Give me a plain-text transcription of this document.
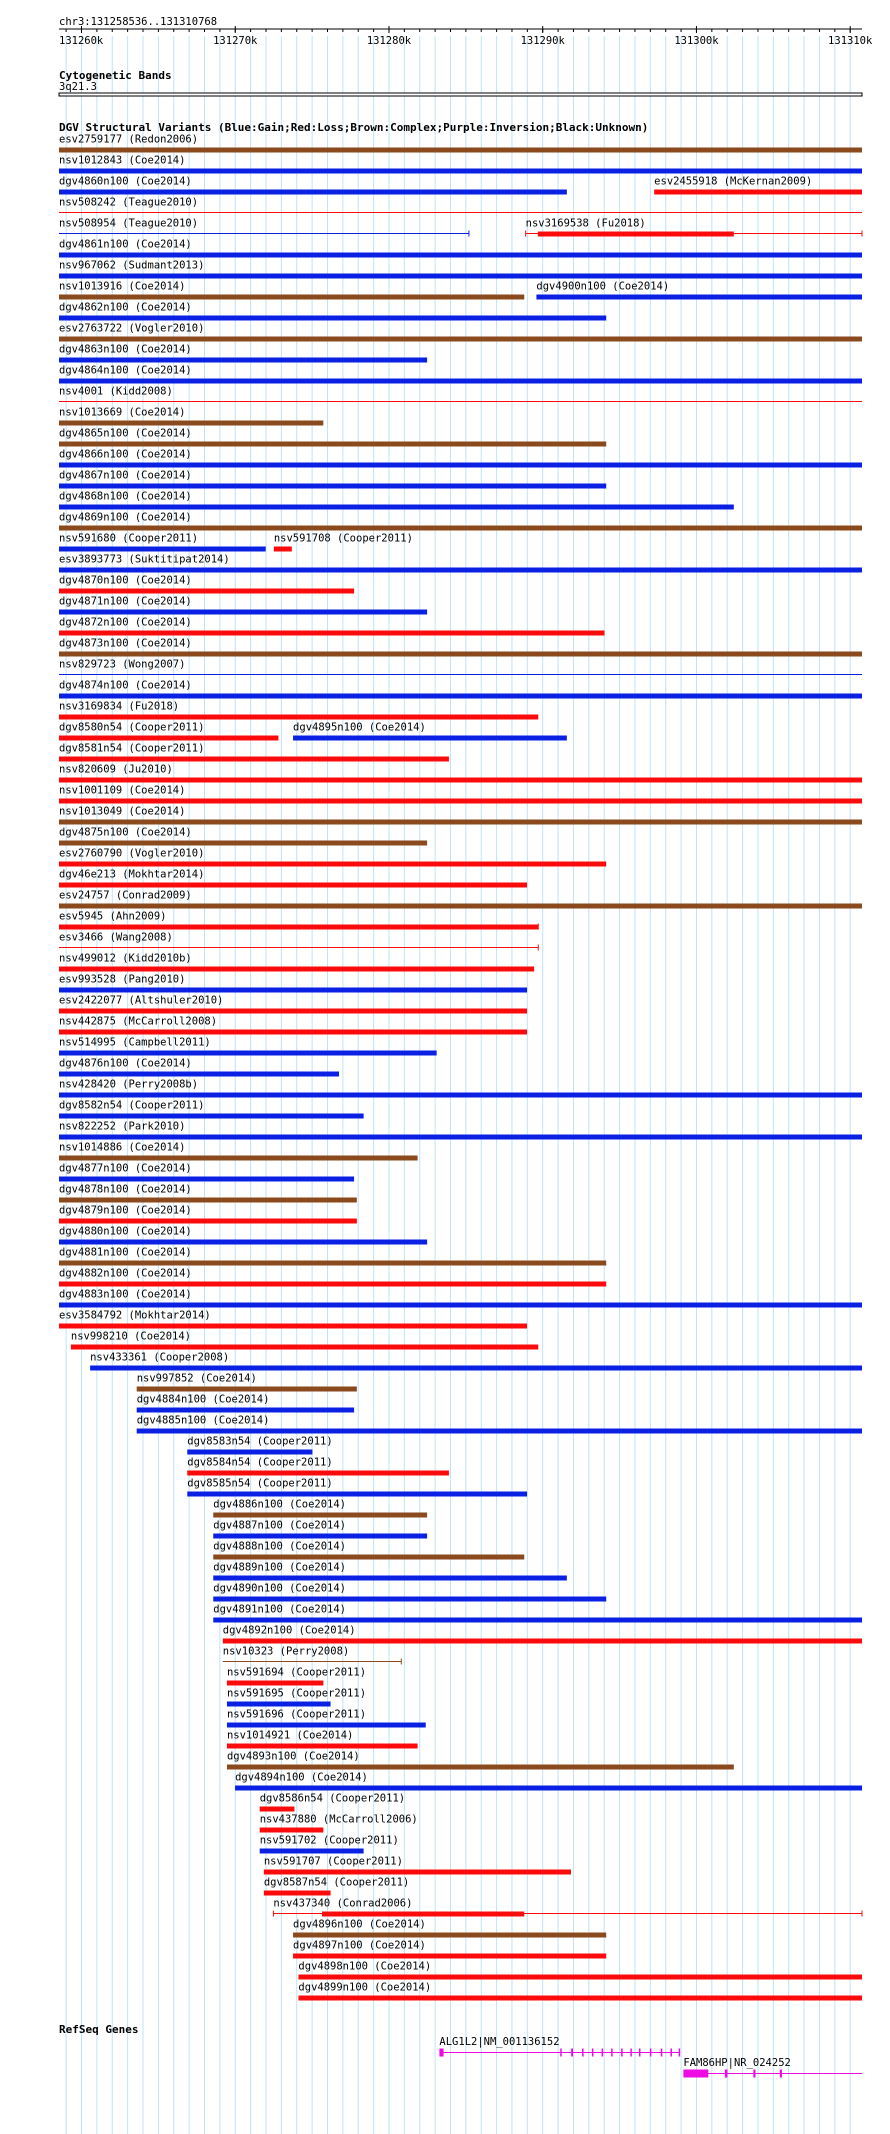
chr3:131258536..131310768
131260k	131270k	131280k	131290k	131300k	131310k
Cytogenetic Bands
3q21.3
DGV Structural Variants (Blue:Gain;Red:Loss;Brown:Complex;Purple:Inversion;Black:Unknown)
esv2759177 (Redon2006)
nsv1012843 (Coe2014)
dgv4860n100 (Coe2014)	esv2455918 (McKernan2009)
nsv508242 (Teague2010)
nsv508954 (Teague2010)	nsv3169538 (Fu2018)
dgv4861n100 (Coe2014)
nsv967062 (Sudmant2013)
nsv1013916 (Coe2014)	dgv4900n100 (Coe2014)
dgv4862n100 (Coe2014)
esv2763722 (Vogler2010)
dgv4863n100 (Coe2014)
dgv4864n100 (Coe2014)
nsv4001 (Kidd2008)
nsv1013669 (Coe2014)
dgv4865n100 (Coe2014)
dgv4866n100 (Coe2014)
dgv4867n100 (Coe2014)
dgv4868n100 (Coe2014)
dgv4869n100 (Coe2014)
nsv591680 (Cooper2011)	nsv591708 (Cooper2011)
esv3893773 (Suktitipat2014)
dgv4870n100 (Coe2014)
dgv4871n100 (Coe2014)
dgv4872n100 (Coe2014)
dgv4873n100 (Coe2014)
nsv829723 (Wong2007)
dgv4874n100 (Coe2014)
nsv3169834 (Fu2018)
dgv8580n54 (Cooper2011)	dgv4895n100 (Coe2014)
dgv8581n54 (Cooper2011)
nsv820609 (Ju2010)
nsv1001109 (Coe2014)
nsv1013049 (Coe2014)
dgv4875n100 (Coe2014)
esv2760790 (Vogler2010)
dgv46e213 (Mokhtar2014)
esv24757 (Conrad2009)
esv5945 (Ahn2009)
esv3466 (Wang2008)
nsv499012 (Kidd2010b)
esv993528 (Pang2010)
esv2422077 (Altshuler2010)
nsv442875 (McCarroll2008)
nsv514995 (Campbell2011)
dgv4876n100 (Coe2014)
nsv428420 (Perry2008b)
dgv8582n54 (Cooper2011)
nsv822252 (Park2010)
nsv1014886 (Coe2014)
dgv4877n100 (Coe2014)
dgv4878n100 (Coe2014)
dgv4879n100 (Coe2014)
dgv4880n100 (Coe2014)
dgv4881n100 (Coe2014)
dgv4882n100 (Coe2014)
dgv4883n100 (Coe2014)
esv3584792 (Mokhtar2014)
nsv998210 (Coe2014)
nsv433361 (Cooper2008)
nsv997852 (Coe2014)
dgv4884n100 (Coe2014)
dgv4885n100 (Coe2014)
dgv8583n54 (Cooper2011)
dgv8584n54 (Cooper2011)
dgv8585n54 (Cooper2011)
dgv4886n100 (Coe2014)
dgv4887n100 (Coe2014)
dgv4888n100 (Coe2014)
dgv4889n100 (Coe2014)
dgv4890n100 (Coe2014)
dgv4891n100 (Coe2014)
dgv4892n100 (Coe2014)
nsv10323 (Perry2008)
nsv591694 (Cooper2011)
nsv591695 (Cooper2011)
nsv591696 (Cooper2011)
nsv1014921 (Coe2014)
dgv4893n100 (Coe2014)
dgv4894n100 (Coe2014)
dgv8586n54 (Cooper2011)
nsv437880 (McCarroll2006)
nsv591702 (Cooper2011)
nsv591707 (Cooper2011)
dgv8587n54 (Cooper2011)
nsv437340 (Conrad2006)
dgv4896n100 (Coe2014)
dgv4897n100 (Coe2014)
dgv4898n100 (Coe2014)
dgv4899n100 (Coe2014)
RefSeq Genes
ALG1L2|NM_001136152
FAM86HP|NR_024252
